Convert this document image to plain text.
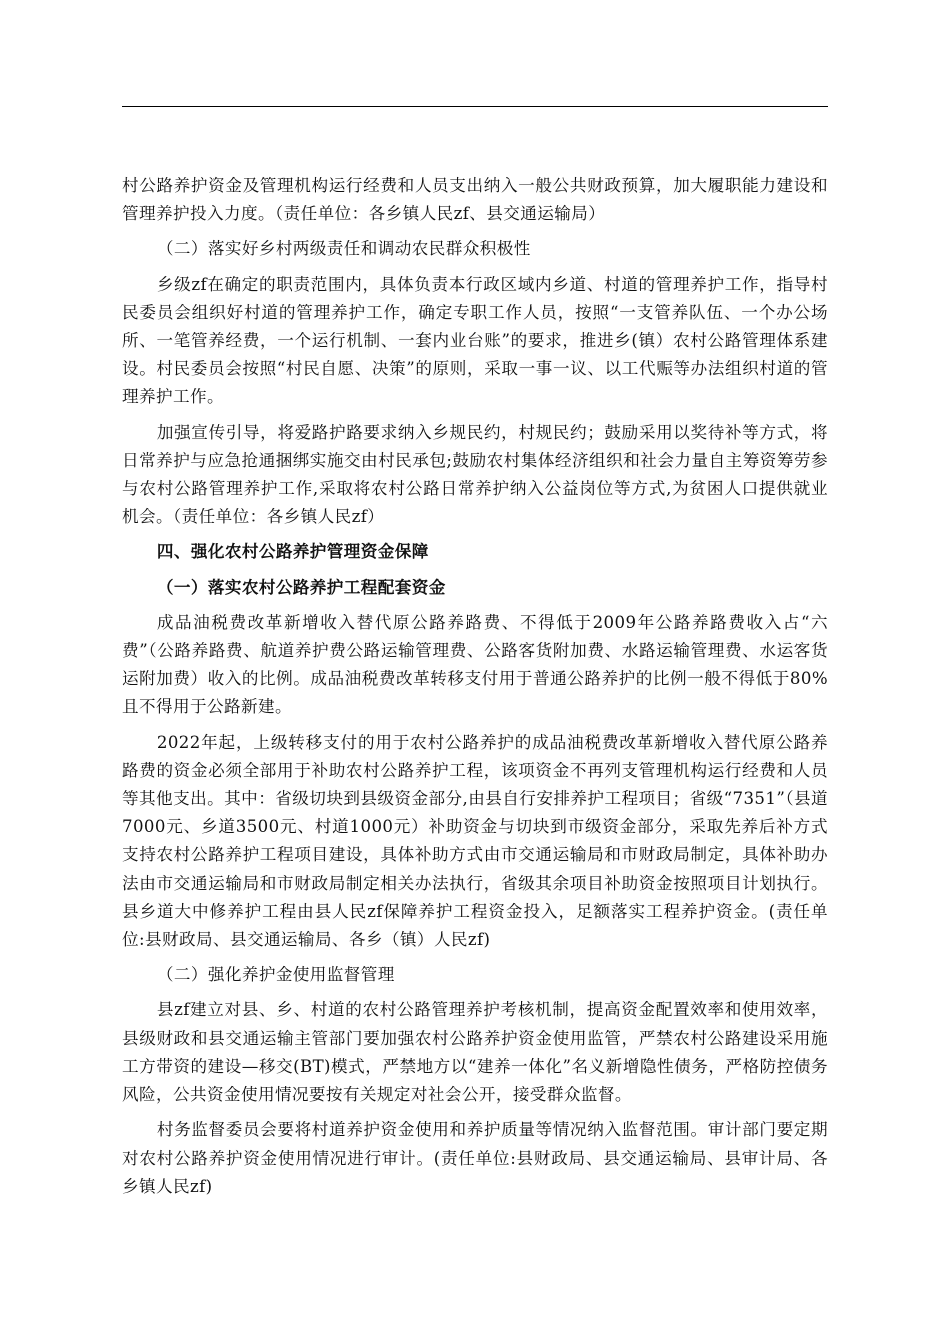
村公路养护资金及管理机构运行经费和人员支出纳入一般公共财政预算，加大履职能力建设和管理养护投入力度。（责任单位：各乡镇人民zf、县交通运输局）

（二）落实好乡村两级责任和调动农民群众积极性

乡级zf在确定的职责范围内，具体负责本行政区域内乡道、村道的管理养护工作，指导村民委员会组织好村道的管理养护工作，确定专职工作人员，按照“一支管养队伍、一个办公场所、一笔管养经费，一个运行机制、一套内业台账”的要求，推进乡(镇）农村公路管理体系建设。村民委员会按照“村民自愿、决策”的原则，采取一事一议、以工代赈等办法组织村道的管理养护工作。

加强宣传引导，将爱路护路要求纳入乡规民约，村规民约；鼓励采用以奖待补等方式，将日常养护与应急抢通捆绑实施交由村民承包;鼓励农村集体经济组织和社会力量自主筹资筹劳参与农村公路管理养护工作,采取将农村公路日常养护纳入公益岗位等方式,为贫困人口提供就业机会。（责任单位：各乡镇人民zf）

四、强化农村公路养护管理资金保障

（一）落实农村公路养护工程配套资金

成品油税费改革新增收入替代原公路养路费、不得低于2009年公路养路费收入占“六费”（公路养路费、航道养护费公路运输管理费、公路客货附加费、水路运输管理费、水运客货运附加费）收入的比例。成品油税费改革转移支付用于普通公路养护的比例一般不得低于80%且不得用于公路新建。

2022年起，上级转移支付的用于农村公路养护的成品油税费改革新增收入替代原公路养路费的资金必须全部用于补助农村公路养护工程，该项资金不再列支管理机构运行经费和人员等其他支出。其中：省级切块到县级资金部分,由县自行安排养护工程项目；省级“7351”（县道7000元、乡道3500元、村道1000元）补助资金与切块到市级资金部分，采取先养后补方式支持农村公路养护工程项目建设，具体补助方式由市交通运输局和市财政局制定，具体补助办法由市交通运输局和市财政局制定相关办法执行，省级其余项目补助资金按照项目计划执行。县乡道大中修养护工程由县人民zf保障养护工程资金投入，足额落实工程养护资金。(责任单位:县财政局、县交通运输局、各乡（镇）人民zf)

（二）强化养护金使用监督管理

县zf建立对县、乡、村道的农村公路管理养护考核机制，提高资金配置效率和使用效率，县级财政和县交通运输主管部门要加强农村公路养护资金使用监管，严禁农村公路建设采用施工方带资的建设—移交(BT)模式，严禁地方以“建养一体化”名义新增隐性债务，严格防控债务风险，公共资金使用情况要按有关规定对社会公开，接受群众监督。

村务监督委员会要将村道养护资金使用和养护质量等情况纳入监督范围。审计部门要定期对农村公路养护资金使用情况进行审计。(责任单位:县财政局、县交通运输局、县审计局、各乡镇人民zf)
